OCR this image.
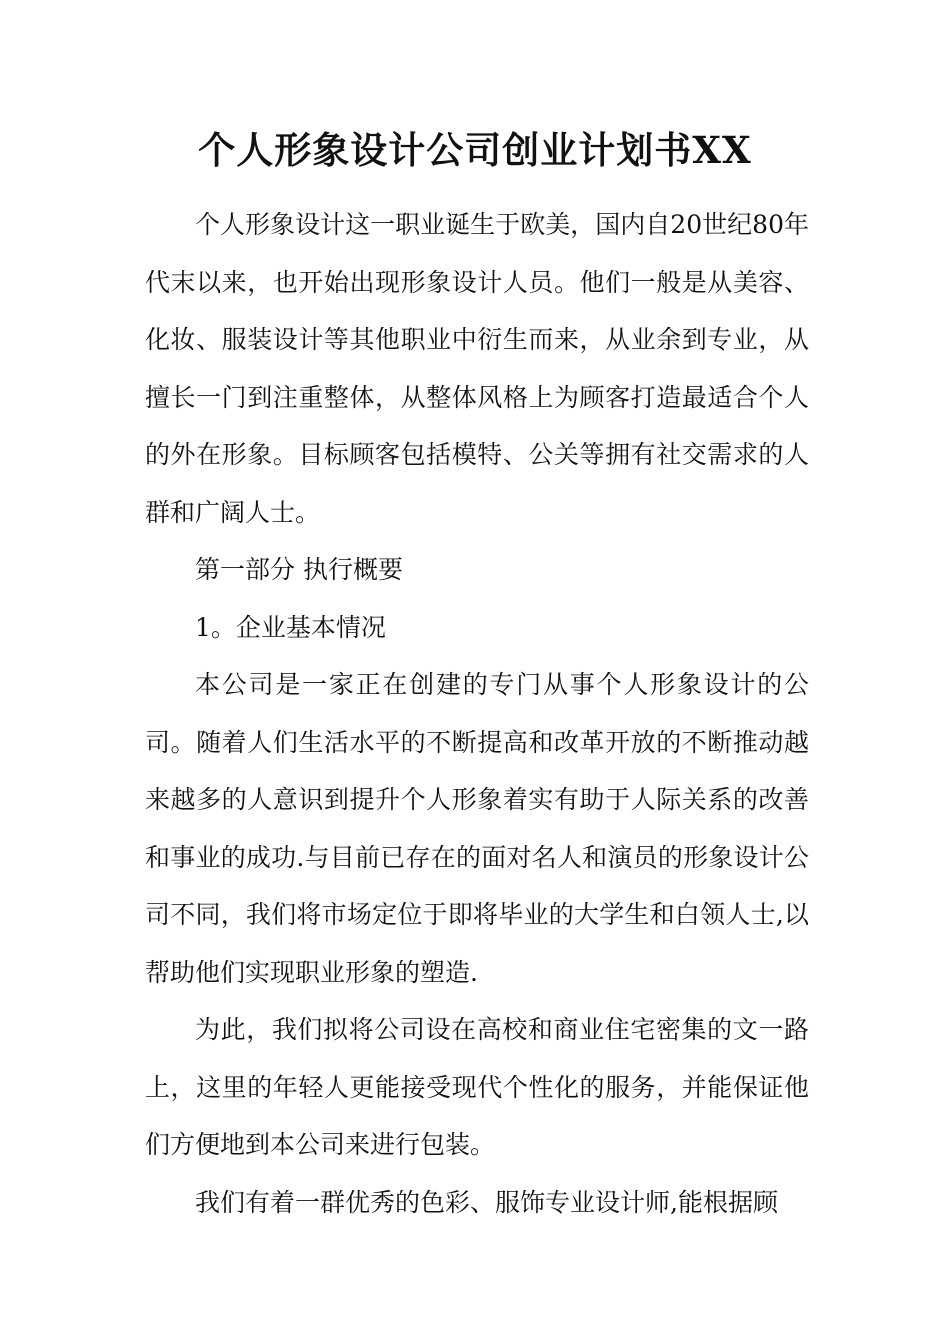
个人形象设计公司创业计划书XX

个人形象设计这一职业诞生于欧美，国内自20世纪80年代末以来，也开始出现形象设计人员。他们一般是从美容、化妆、服装设计等其他职业中衍生而来，从业余到专业，从擅长一门到注重整体，从整体风格上为顾客打造最适合个人的外在形象。目标顾客包括模特、公关等拥有社交需求的人群和广阔人士。

第一部分 执行概要

1。企业基本情况

本公司是一家正在创建的专门从事个人形象设计的公司。随着人们生活水平的不断提高和改革开放的不断推动越来越多的人意识到提升个人形象着实有助于人际关系的改善和事业的成功.与目前已存在的面对名人和演员的形象设计公司不同，我们将市场定位于即将毕业的大学生和白领人士,以帮助他们实现职业形象的塑造.

为此，我们拟将公司设在高校和商业住宅密集的文一路上，这里的年轻人更能接受现代个性化的服务，并能保证他们方便地到本公司来进行包装。

我们有着一群优秀的色彩、服饰专业设计师,能根据顾
